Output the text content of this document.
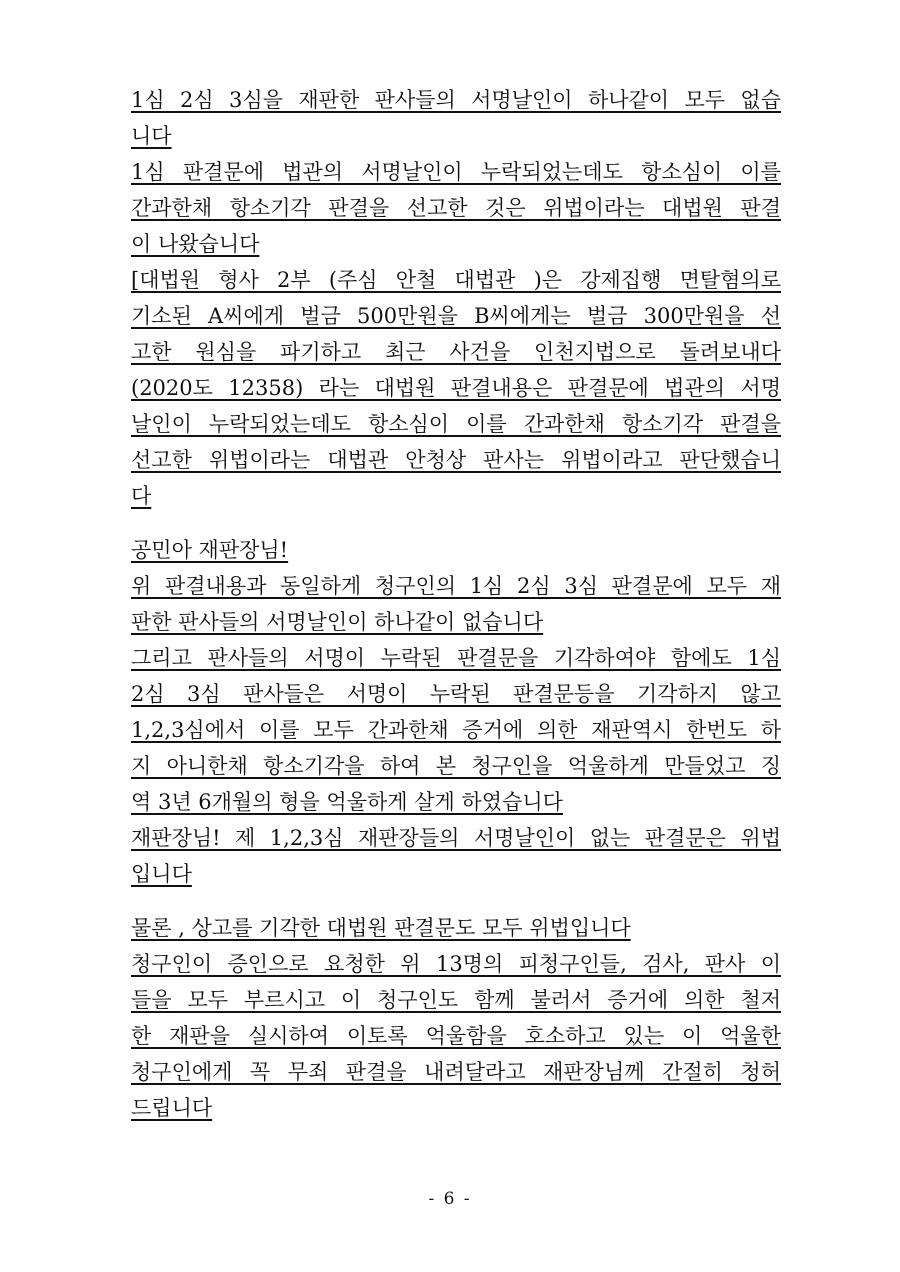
1심 2심 3심을 재판한 판사들의 서명날인이 하나같이 모두 없습
니다
1심 판결문에 법관의 서명날인이 누락되었는데도 항소심이 이를
간과한채 항소기각 판결을 선고한 것은 위법이라는 대법원 판결
이 나왔습니다
[대법원 형사 2부 (주심 안철 대법관 )은 강제집행 면탈혐의로
기소된 A씨에게 벌금 500만원을 B씨에게는 벌금 300만원을 선
고한 원심을 파기하고 최근 사건을 인천지법으로 돌려보내다
(2020도 12358) 라는 대법원 판결내용은 판결문에 법관의 서명
날인이 누락되었는데도 항소심이 이를 간과한채 항소기각 판결을
선고한 위법이라는 대법관 안청상 판사는 위법이라고 판단했습니
다
공민아 재판장님!
위 판결내용과 동일하게 청구인의 1심 2심 3심 판결문에 모두 재
판한 판사들의 서명날인이 하나같이 없습니다
그리고 판사들의 서명이 누락된 판결문을 기각하여야 함에도 1심
2심 3심 판사들은 서명이 누락된 판결문등을 기각하지 않고
1,2,3심에서 이를 모두 간과한채 증거에 의한 재판역시 한번도 하
지 아니한채 항소기각을 하여 본 청구인을 억울하게 만들었고 징
역 3년 6개월의 형을 억울하게 살게 하였습니다
재판장님! 제 1,2,3심 재판장들의 서명날인이 없는 판결문은 위법
입니다
물론 , 상고를 기각한 대법원 판결문도 모두 위법입니다
청구인이 증인으로 요청한 위 13명의 피청구인들, 검사, 판사 이
들을 모두 부르시고 이 청구인도 함께 불러서 증거에 의한 철저
한 재판을 실시하여 이토록 억울함을 호소하고 있는 이 억울한
청구인에게 꼭 무죄 판결을 내려달라고 재판장님께 간절히 청허
드립니다
- 6 -
